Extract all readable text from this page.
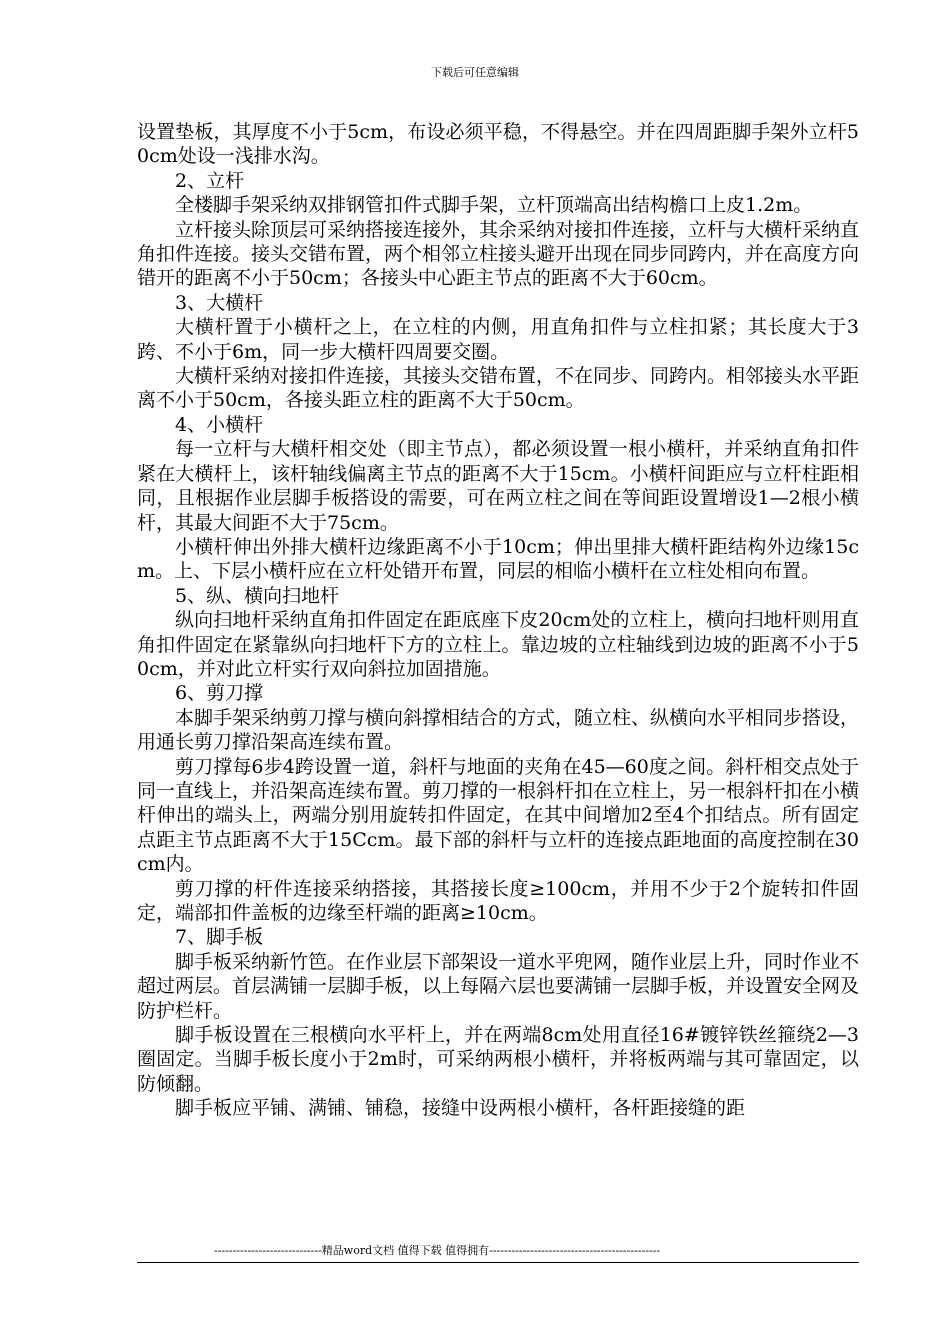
下载后可任意编辑

设置垫板，其厚度不小于5cm，布设必须平稳，不得悬空。并在四周距脚手架外立杆50cm处设一浅排水沟。

2、立杆

全楼脚手架采纳双排钢管扣件式脚手架，立杆顶端高出结构檐口上皮1.2m。

立杆接头除顶层可采纳搭接连接外，其余采纳对接扣件连接，立杆与大横杆采纳直角扣件连接。接头交错布置，两个相邻立柱接头避开出现在同步同跨内，并在高度方向错开的距离不小于50cm；各接头中心距主节点的距离不大于60cm。

3、大横杆

大横杆置于小横杆之上，在立柱的内侧，用直角扣件与立柱扣紧；其长度大于3跨、不小于6m，同一步大横杆四周要交圈。

大横杆采纳对接扣件连接，其接头交错布置，不在同步、同跨内。相邻接头水平距离不小于50cm，各接头距立柱的距离不大于50cm。

4、小横杆

每一立杆与大横杆相交处（即主节点），都必须设置一根小横杆，并采纳直角扣件紧在大横杆上，该杆轴线偏离主节点的距离不大于15cm。小横杆间距应与立杆柱距相同，且根据作业层脚手板搭设的需要，可在两立柱之间在等间距设置增设1—2根小横杆，其最大间距不大于75cm。

小横杆伸出外排大横杆边缘距离不小于10cm；伸出里排大横杆距结构外边缘15cm。上、下层小横杆应在立杆处错开布置，同层的相临小横杆在立柱处相向布置。

5、纵、横向扫地杆

纵向扫地杆采纳直角扣件固定在距底座下皮20cm处的立柱上，横向扫地杆则用直角扣件固定在紧靠纵向扫地杆下方的立柱上。靠边坡的立柱轴线到边坡的距离不小于50cm，并对此立杆实行双向斜拉加固措施。

6、剪刀撑

本脚手架采纳剪刀撑与横向斜撑相结合的方式，随立柱、纵横向水平相同步搭设，用通长剪刀撑沿架高连续布置。

剪刀撑每6步4跨设置一道，斜杆与地面的夹角在45—60度之间。斜杆相交点处于同一直线上，并沿架高连续布置。剪刀撑的一根斜杆扣在立柱上，另一根斜杆扣在小横杆伸出的端头上，两端分别用旋转扣件固定，在其中间增加2至4个扣结点。所有固定点距主节点距离不大于15Ccm。最下部的斜杆与立杆的连接点距地面的高度控制在30cm内。

剪刀撑的杆件连接采纳搭接，其搭接长度≥100cm，并用不少于2个旋转扣件固定，端部扣件盖板的边缘至杆端的距离≥10cm。

7、脚手板

脚手板采纳新竹笆。在作业层下部架设一道水平兜网，随作业层上升，同时作业不超过两层。首层满铺一层脚手板，以上每隔六层也要满铺一层脚手板，并设置安全网及防护栏杆。

脚手板设置在三根横向水平杆上，并在两端8cm处用直径16#镀锌铁丝箍绕2—3圈固定。当脚手板长度小于2m时，可采纳两根小横杆，并将板两端与其可靠固定，以防倾翻。

脚手板应平铺、满铺、铺稳，接缝中设两根小横杆，各杆距接缝的距

-----------------------------精品word文档 值得下载 值得拥有----------------------------------------------
